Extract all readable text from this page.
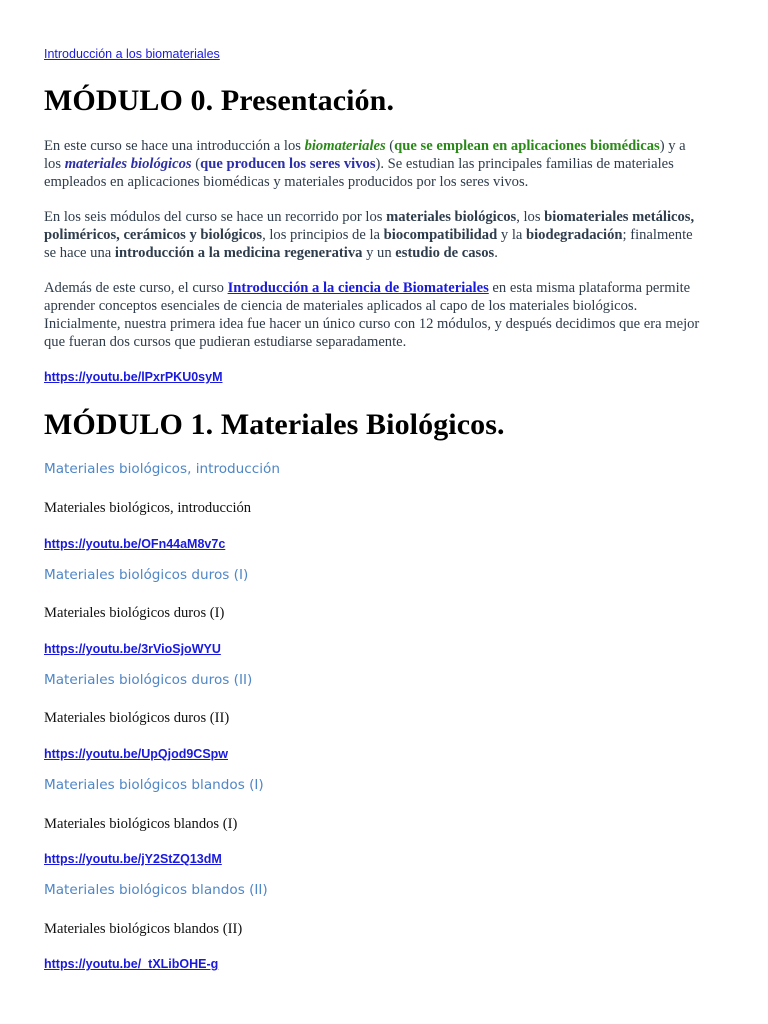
Introducción a los biomateriales
MÓDULO 0. Presentación.
En este curso se hace una introducción a los biomateriales (que se emplean en aplicaciones biomédicas) y a
los materiales biológicos (que producen los seres vivos). Se estudian las principales familias de materiales
empleados en aplicaciones biomédicas y materiales producidos por los seres vivos.
En los seis módulos del curso se hace un recorrido por los materiales biológicos, los biomateriales metálicos,
poliméricos, cerámicos y biológicos, los principios de la biocompatibilidad y la biodegradación; finalmente
se hace una introducción a la medicina regenerativa y un estudio de casos.
Además de este curso, el curso Introducción a la ciencia de Biomateriales en esta misma plataforma permite
aprender conceptos esenciales de ciencia de materiales aplicados al capo de los materiales biológicos.
Inicialmente, nuestra primera idea fue hacer un único curso con 12 módulos, y después decidimos que era mejor
que fueran dos cursos que pudieran estudiarse separadamente.
https://youtu.be/lPxrPKU0syM
MÓDULO 1. Materiales Biológicos.
Materiales biológicos, introducción
Materiales biológicos, introducción
https://youtu.be/OFn44aM8v7c
Materiales biológicos duros (I)
Materiales biológicos duros (I)
https://youtu.be/3rVioSjoWYU
Materiales biológicos duros (II)
Materiales biológicos duros (II)
https://youtu.be/UpQjod9CSpw
Materiales biológicos blandos (I)
Materiales biológicos blandos (I)
https://youtu.be/jY2StZQ13dM
Materiales biológicos blandos (II)
Materiales biológicos blandos (II)
https://youtu.be/_tXLibOHE-g
